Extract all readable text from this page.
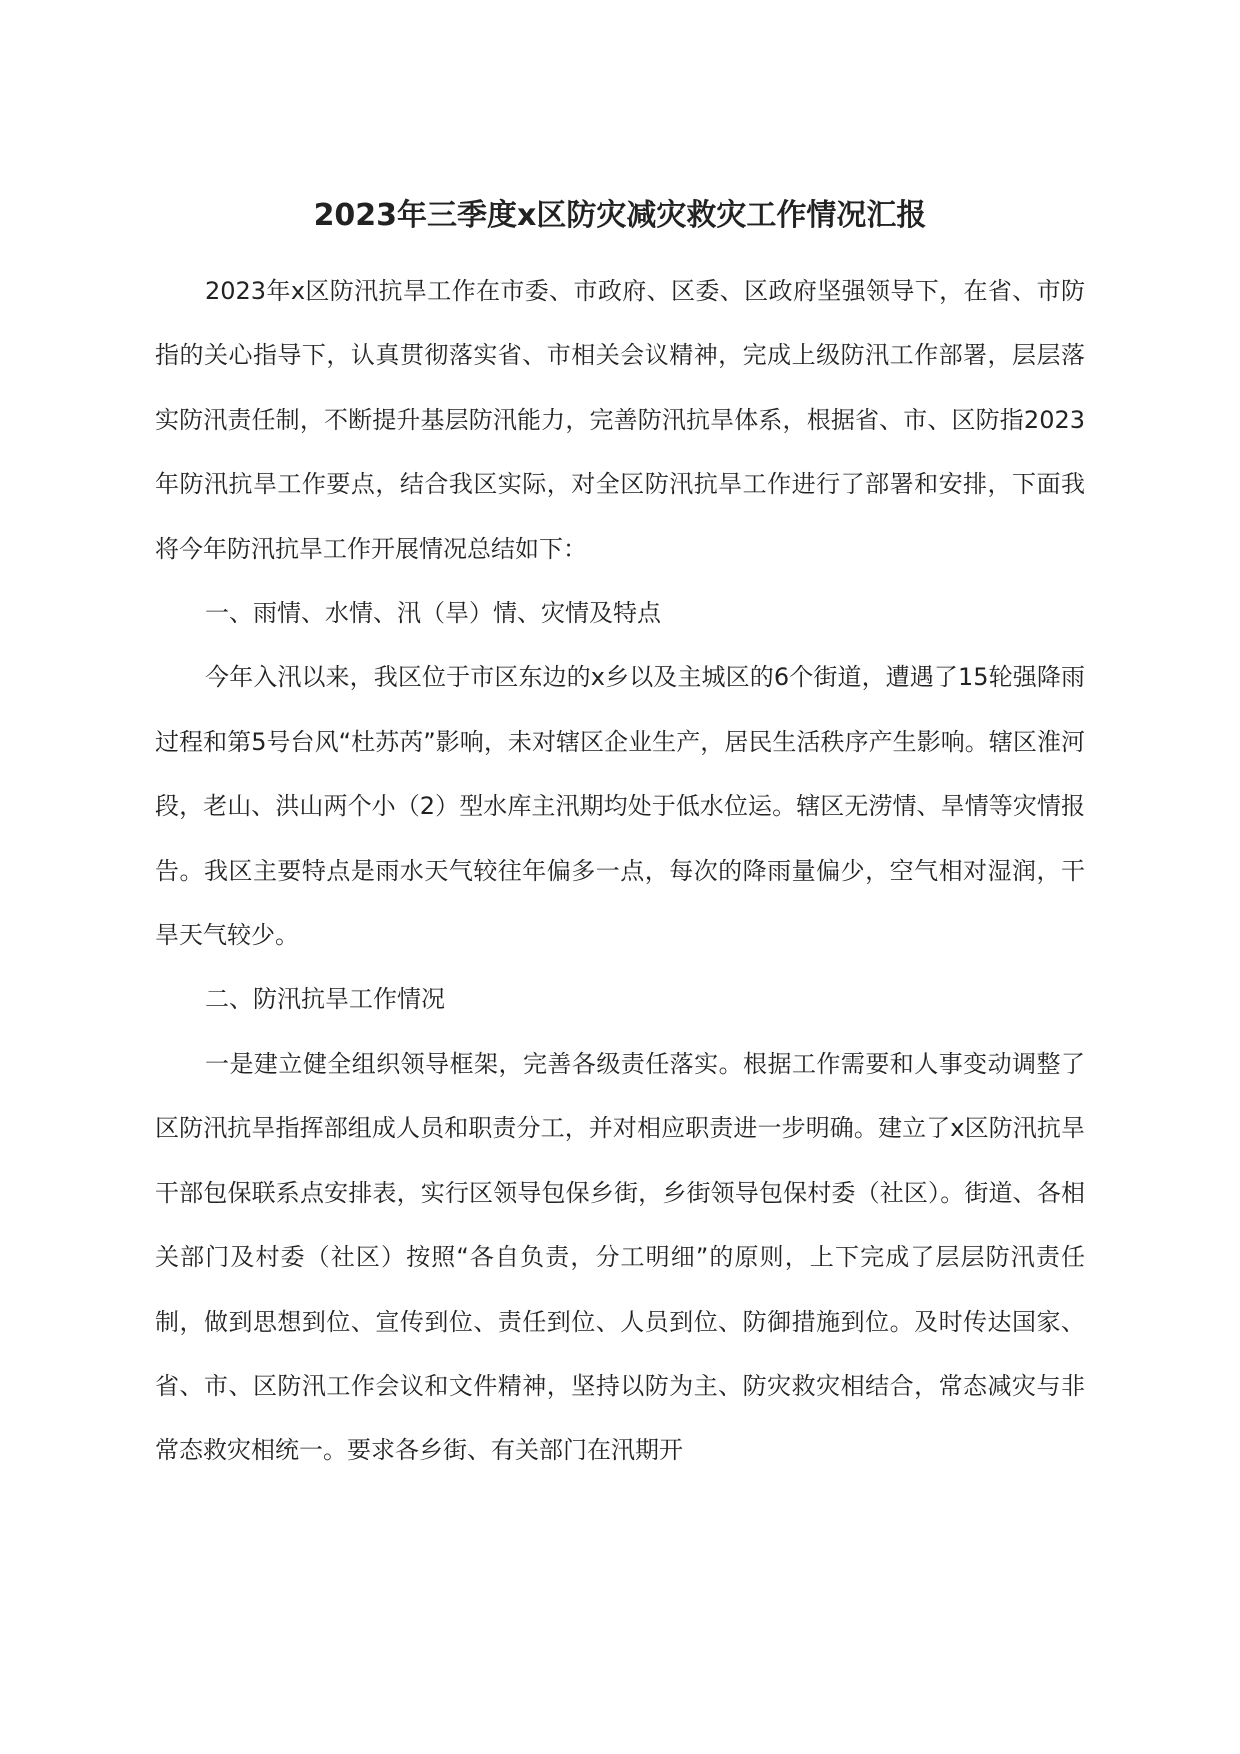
2023年三季度x区防灾减灾救灾工作情况汇报

2023年x区防汛抗旱工作在市委、市政府、区委、区政府坚强领导下，在省、市防指的关心指导下，认真贯彻落实省、市相关会议精神，完成上级防汛工作部署，层层落实防汛责任制，不断提升基层防汛能力，完善防汛抗旱体系，根据省、市、区防指2023年防汛抗旱工作要点，结合我区实际，对全区防汛抗旱工作进行了部署和安排，下面我将今年防汛抗旱工作开展情况总结如下：

一、雨情、水情、汛（旱）情、灾情及特点

今年入汛以来，我区位于市区东边的x乡以及主城区的6个街道，遭遇了15轮强降雨过程和第5号台风“杜苏芮”影响，未对辖区企业生产，居民生活秩序产生影响。辖区淮河段，老山、洪山两个小（2）型水库主汛期均处于低水位运。辖区无涝情、旱情等灾情报告。我区主要特点是雨水天气较往年偏多一点，每次的降雨量偏少，空气相对湿润，干旱天气较少。

二、防汛抗旱工作情况

一是建立健全组织领导框架，完善各级责任落实。根据工作需要和人事变动调整了区防汛抗旱指挥部组成人员和职责分工，并对相应职责进一步明确。建立了x区防汛抗旱干部包保联系点安排表，实行区领导包保乡街，乡街领导包保村委（社区）。街道、各相关部门及村委（社区）按照“各自负责，分工明细”的原则，上下完成了层层防汛责任制，做到思想到位、宣传到位、责任到位、人员到位、防御措施到位。及时传达国家、省、市、区防汛工作会议和文件精神，坚持以防为主、防灾救灾相结合，常态减灾与非常态救灾相统一。要求各乡街、有关部门在汛期开
